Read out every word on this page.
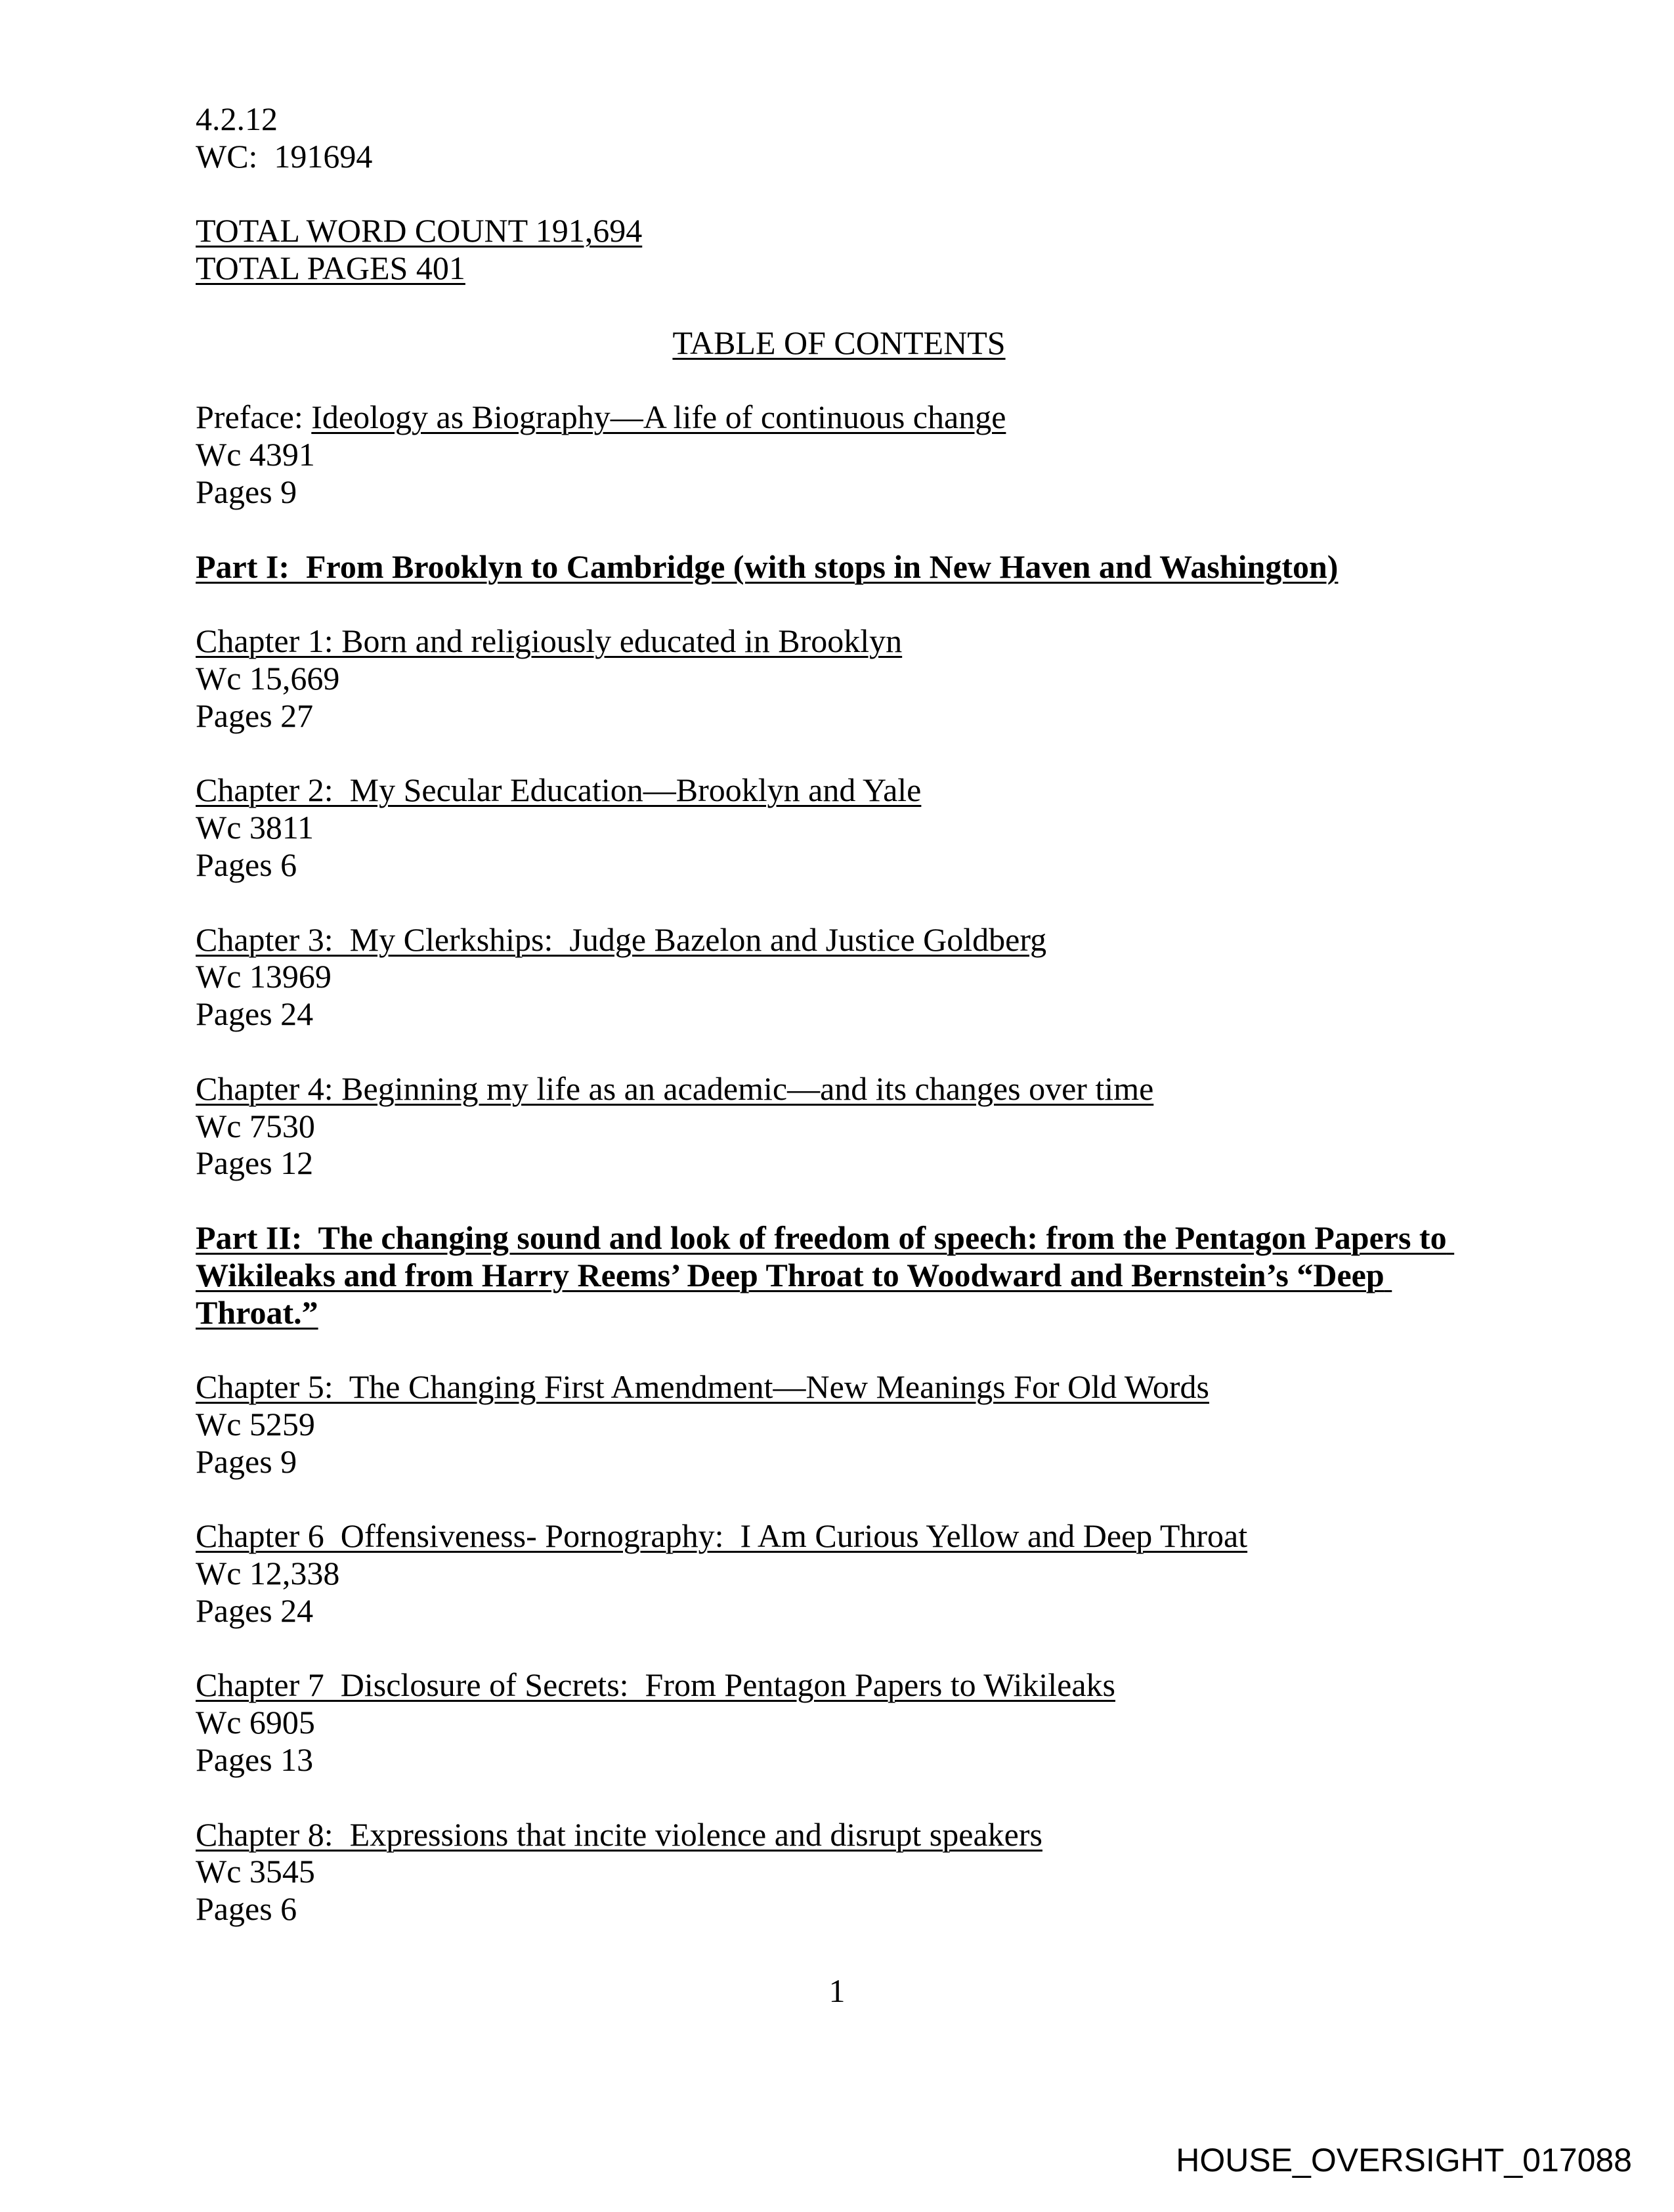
4.2.12
WC:  191694
TOTAL WORD COUNT 191,694
TOTAL PAGES 401
TABLE OF CONTENTS
Preface: Ideology as Biography—A life of continuous change
Wc 4391
Pages 9
Part I:  From Brooklyn to Cambridge (with stops in New Haven and Washington)
Chapter 1: Born and religiously educated in Brooklyn
Wc 15,669
Pages 27
Chapter 2:  My Secular Education—Brooklyn and Yale
Wc 3811
Pages 6
Chapter 3:  My Clerkships:  Judge Bazelon and Justice Goldberg
Wc 13969
Pages 24
Chapter 4: Beginning my life as an academic—and its changes over time
Wc 7530
Pages 12
Part II:  The changing sound and look of freedom of speech: from the Pentagon Papers to Wikileaks and from Harry Reems’ Deep Throat to Woodward and Bernstein’s “Deep Throat.”
Chapter 5:  The Changing First Amendment—New Meanings For Old Words
Wc 5259
Pages 9
Chapter 6  Offensiveness- Pornography:  I Am Curious Yellow and Deep Throat
Wc 12,338
Pages 24
Chapter 7  Disclosure of Secrets:  From Pentagon Papers to Wikileaks
Wc 6905
Pages 13
Chapter 8:  Expressions that incite violence and disrupt speakers
Wc 3545
Pages 6
1
HOUSE_OVERSIGHT_017088
